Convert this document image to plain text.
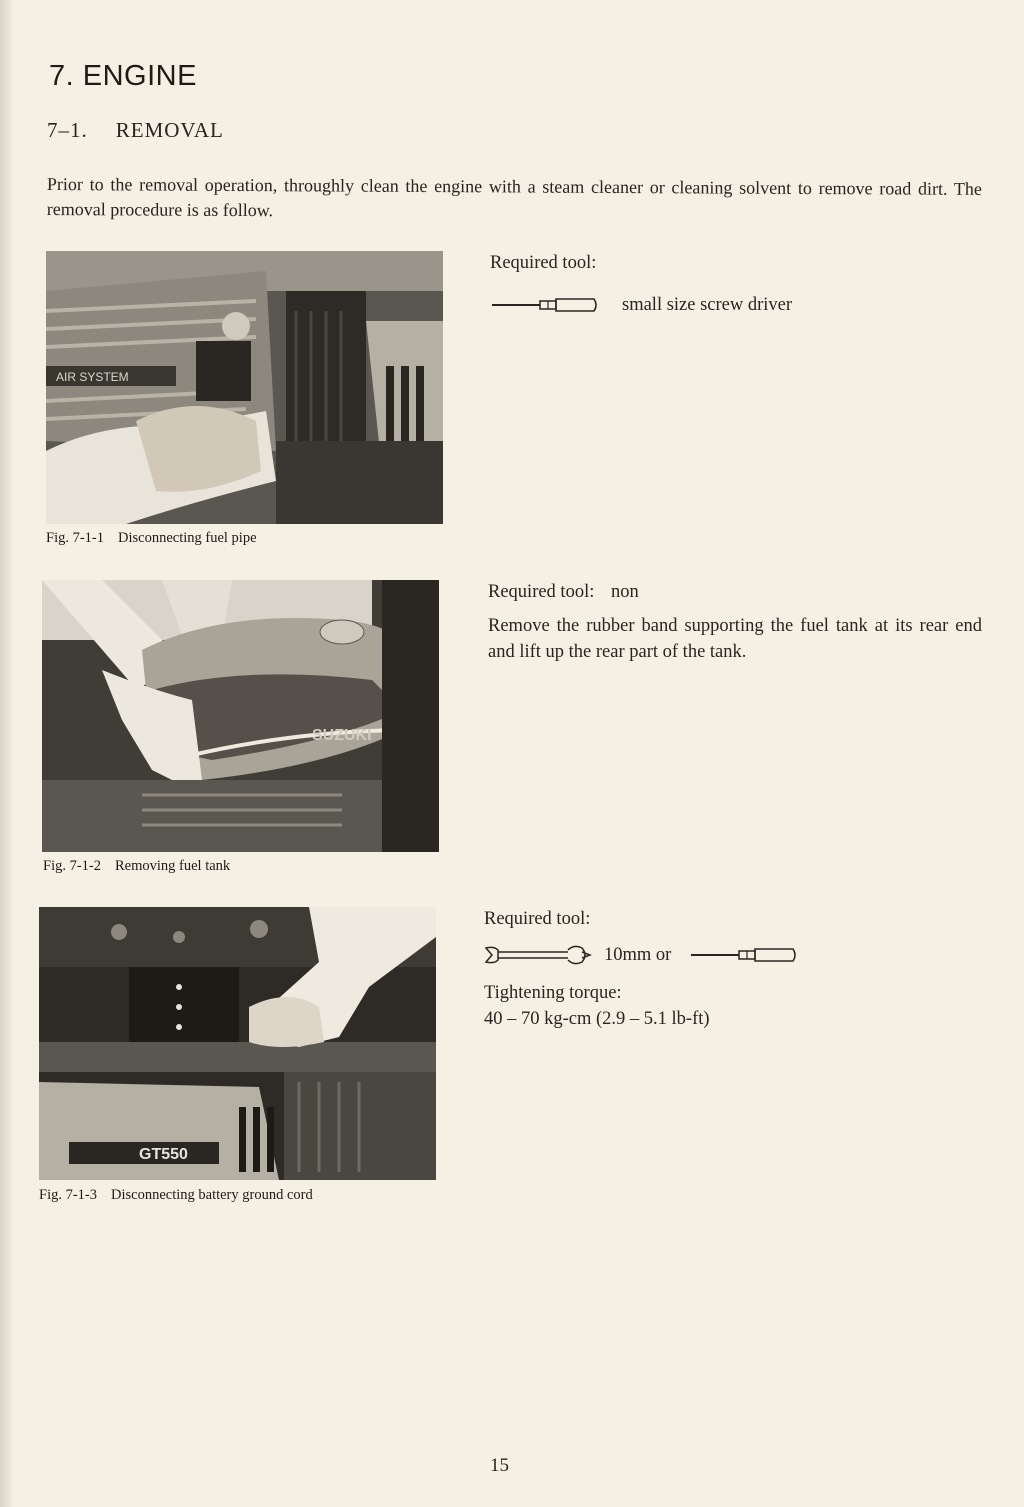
7. ENGINE
7–1. REMOVAL

Prior to the removal operation, throughly clean the engine with a steam cleaner or cleaning solvent to remove road dirt. The removal procedure is as follow.

AIR SYSTEM
Fig. 7-1-1 Disconnecting fuel pipe
Required tool:
small size screw driver
SUZUKI
Fig. 7-1-2 Removing fuel tank
Required tool: non
Remove the rubber band supporting the fuel tank at its rear end and lift up the rear part of the tank.
GT550
Fig. 7-1-3 Disconnecting battery ground cord
Required tool:
10mm or
Tightening torque:
40 – 70 kg-cm (2.9 – 5.1 lb-ft)
15
